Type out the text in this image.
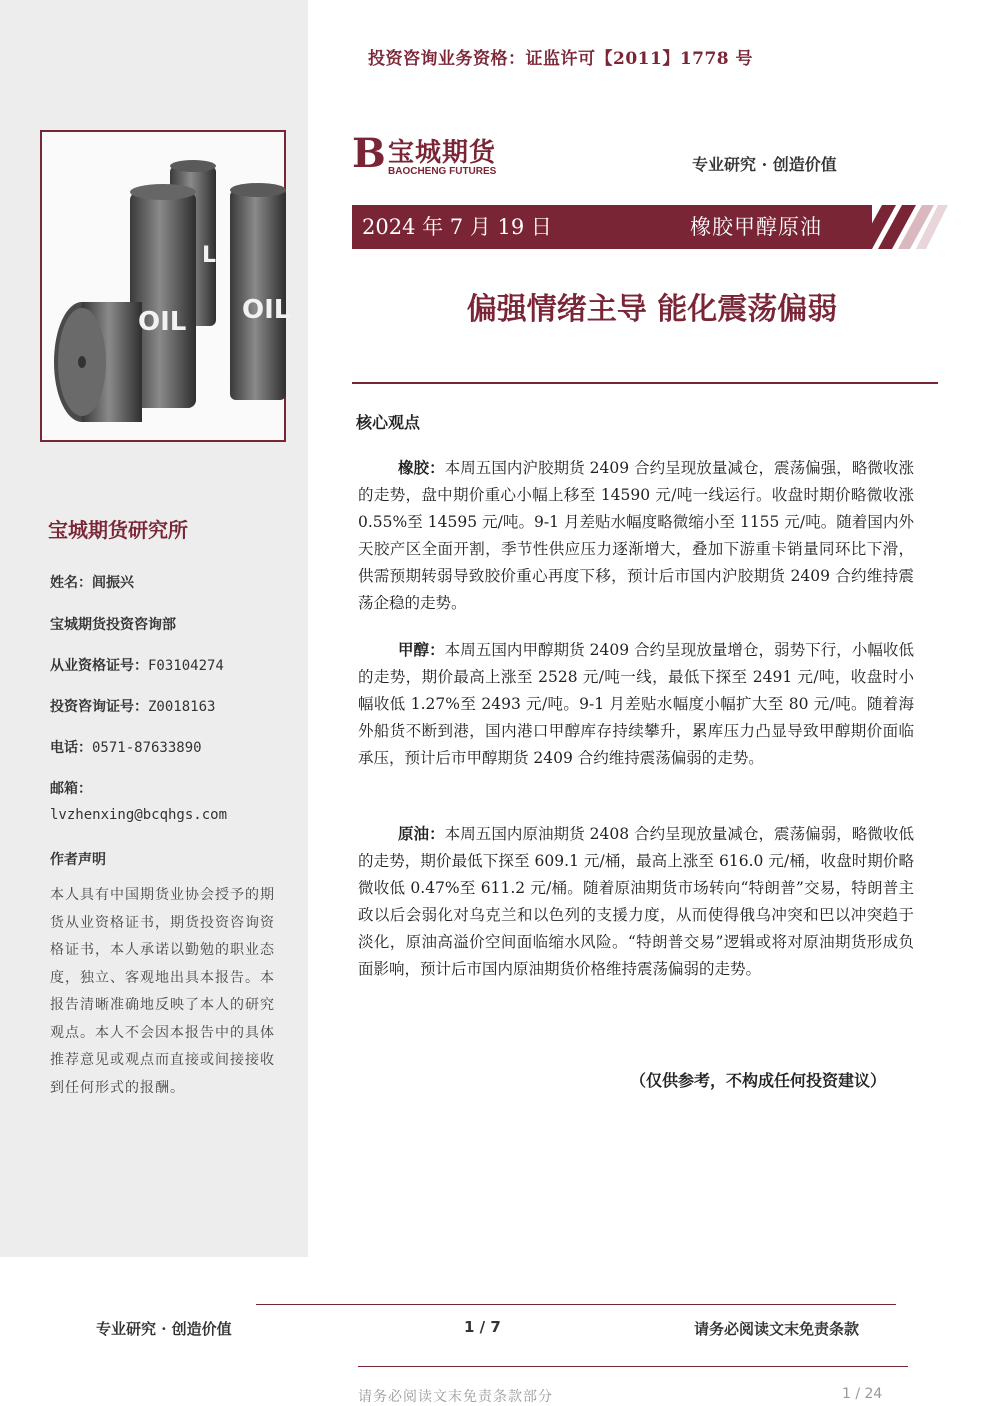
投资咨询业务资格：证监许可【2011】1778 号
L
OIL OIL
B 宝城期货
BAOCHENG FUTURES	专业研究 · 创造价值
2024 年 7 月 19 日	橡胶甲醇原油
偏强情绪主导 能化震荡偏弱
核心观点
橡胶：本周五国内沪胶期货 2409 合约呈现放量减仓，震荡偏强，略微收涨的走势，盘中期价重心小幅上移至 14590 元/吨一线运行。收盘时期价略微收涨 0.55%至 14595 元/吨。9-1 月差贴水幅度略微缩小至 1155 元/吨。随着国内外天胶产区全面开割，季节性供应压力逐渐增大，叠加下游重卡销量同环比下滑，供需预期转弱导致胶价重心再度下移，预计后市国内沪胶期货 2409 合约维持震荡企稳的走势。
甲醇：本周五国内甲醇期货 2409 合约呈现放量增仓，弱势下行，小幅收低的走势，期价最高上涨至 2528 元/吨一线，最低下探至 2491 元/吨，收盘时小幅收低 1.27%至 2493 元/吨。9-1 月差贴水幅度小幅扩大至 80 元/吨。随着海外船货不断到港，国内港口甲醇库存持续攀升，累库压力凸显导致甲醇期价面临承压，预计后市甲醇期货 2409 合约维持震荡偏弱的走势。
原油：本周五国内原油期货 2408 合约呈现放量减仓，震荡偏弱，略微收低的走势，期价最低下探至 609.1 元/桶，最高上涨至 616.0 元/桶，收盘时期价略微收低 0.47%至 611.2 元/桶。随着原油期货市场转向“特朗普”交易，特朗普主政以后会弱化对乌克兰和以色列的支援力度，从而使得俄乌冲突和巴以冲突趋于淡化，原油高溢价空间面临缩水风险。“特朗普交易”逻辑或将对原油期货形成负面影响，预计后市国内原油期货价格维持震荡偏弱的走势。
（仅供参考，不构成任何投资建议）
宝城期货研究所
姓名：闾振兴
宝城期货投资咨询部
从业资格证号：F03104274
投资咨询证号：Z0018163
电话：0571-87633890
邮箱：
lvzhenxing@bcqhgs.com
作者声明
本人具有中国期货业协会授予的期货从业资格证书，期货投资咨询资格证书，本人承诺以勤勉的职业态度，独立、客观地出具本报告。本报告清晰准确地反映了本人的研究观点。本人不会因本报告中的具体推荐意见或观点而直接或间接接收到任何形式的报酬。
专业研究 · 创造价值	1 / 7	请务必阅读文末免责条款
请务必阅读文末免责条款部分	1 / 24
